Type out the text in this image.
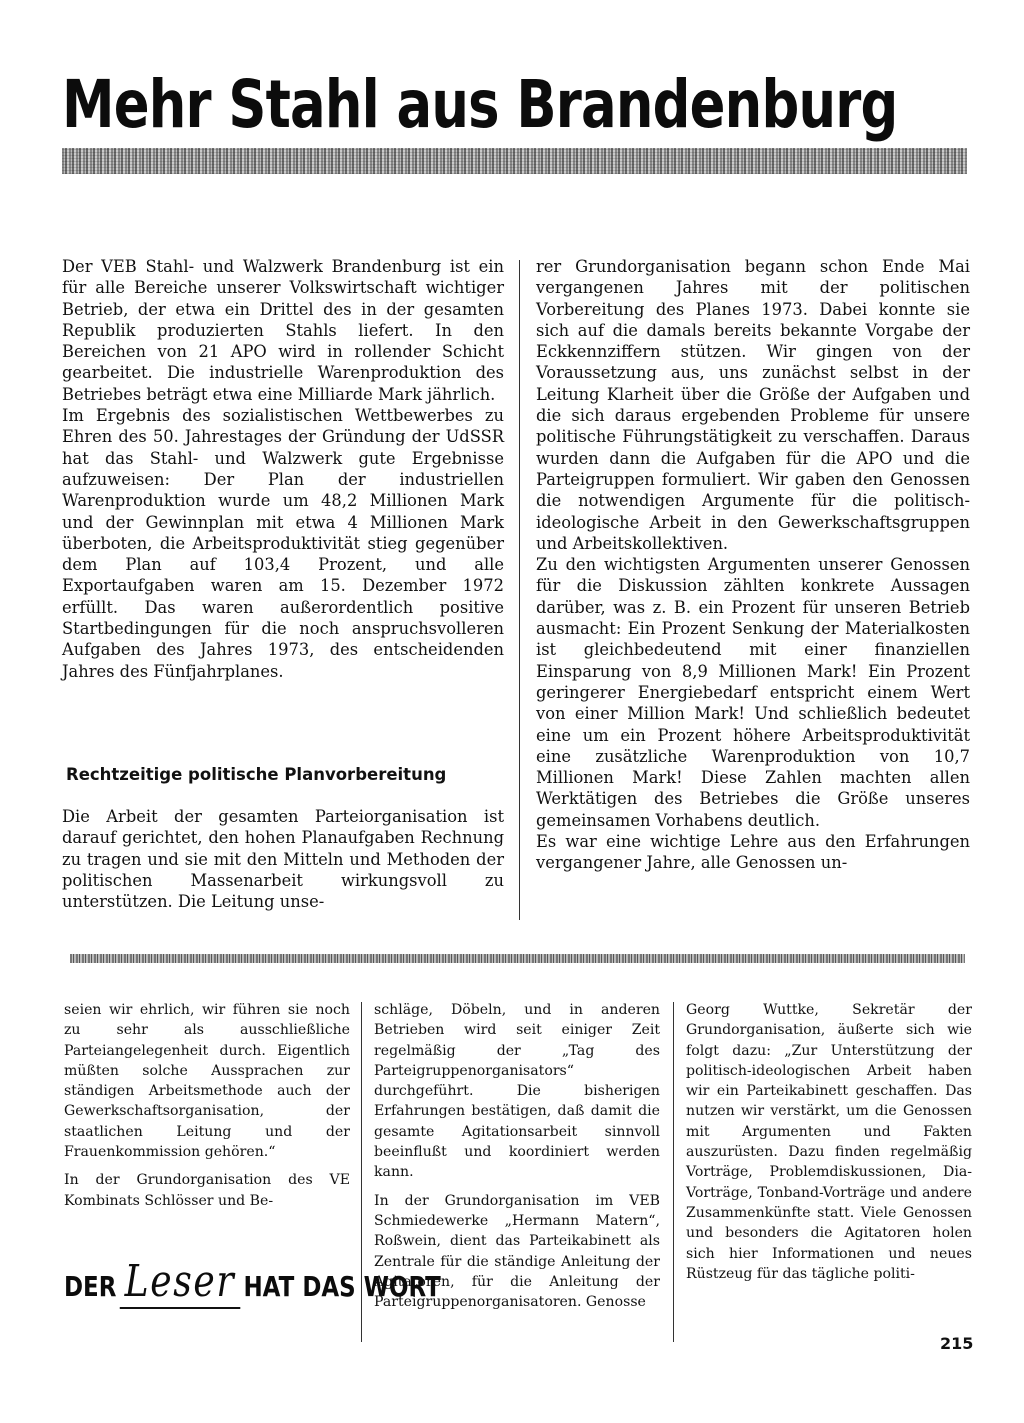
Mehr Stahl aus Brandenburg

Der VEB Stahl- und Walzwerk Brandenburg ist ein für alle Bereiche unserer Volkswirtschaft wichtiger Betrieb, der etwa ein Drittel des in der gesamten Republik produzierten Stahls liefert. In den Bereichen von 21 APO wird in rollender Schicht gearbeitet. Die industrielle Warenproduktion des Betriebes beträgt etwa eine Milliarde Mark jährlich.

Im Ergebnis des sozialistischen Wettbewerbes zu Ehren des 50. Jahrestages der Gründung der UdSSR hat das Stahl- und Walzwerk gute Ergebnisse aufzuweisen: Der Plan der industriellen Warenproduktion wurde um 48,2 Millionen Mark und der Gewinnplan mit etwa 4 Millionen Mark überboten, die Arbeitsproduktivität stieg gegenüber dem Plan auf 103,4 Prozent, und alle Exportaufgaben waren am 15. Dezember 1972 erfüllt. Das waren außerordentlich positive Startbedingungen für die noch anspruchsvolleren Aufgaben des Jahres 1973, des entscheidenden Jahres des Fünfjahrplanes.

Rechtzeitige politische Planvorbereitung

Die Arbeit der gesamten Parteiorganisation ist darauf gerichtet, den hohen Planaufgaben Rechnung zu tragen und sie mit den Mitteln und Methoden der politischen Massenarbeit wirkungsvoll zu unterstützen. Die Leitung unse-

rer Grundorganisation begann schon Ende Mai vergangenen Jahres mit der politischen Vorbereitung des Planes 1973. Dabei konnte sie sich auf die damals bereits bekannte Vorgabe der Eckkennziffern stützen. Wir gingen von der Voraussetzung aus, uns zunächst selbst in der Leitung Klarheit über die Größe der Aufgaben und die sich daraus ergebenden Probleme für unsere politische Führungstätigkeit zu verschaffen. Daraus wurden dann die Aufgaben für die APO und die Parteigruppen formuliert. Wir gaben den Genossen die notwendigen Argumente für die politisch-ideologische Arbeit in den Gewerkschaftsgruppen und Arbeitskollektiven.

Zu den wichtigsten Argumenten unserer Genossen für die Diskussion zählten konkrete Aussagen darüber, was z. B. ein Prozent für unseren Betrieb ausmacht: Ein Prozent Senkung der Materialkosten ist gleichbedeutend mit einer finanziellen Einsparung von 8,9 Millionen Mark! Ein Prozent geringerer Energiebedarf entspricht einem Wert von einer Million Mark! Und schließlich bedeutet eine um ein Prozent höhere Arbeitsproduktivität eine zusätzliche Warenproduktion von 10,7 Millionen Mark! Diese Zahlen machten allen Werktätigen des Betriebes die Größe unseres gemeinsamen Vorhabens deutlich.

Es war eine wichtige Lehre aus den Erfahrungen vergangener Jahre, alle Genossen un-

seien wir ehrlich, wir führen sie noch zu sehr als ausschließliche Parteiangelegenheit durch. Eigentlich müßten solche Aussprachen zur ständigen Arbeitsmethode auch der Gewerkschaftsorganisation, der staatlichen Leitung und der Frauenkommission gehören.“

In der Grundorganisation des VE Kombinats Schlösser und Be-

schläge, Döbeln, und in anderen Betrieben wird seit einiger Zeit regelmäßig der „Tag des Parteigruppenorganisators“ durchgeführt. Die bisherigen Erfahrungen bestätigen, daß damit die gesamte Agitationsarbeit sinnvoll beeinflußt und koordiniert werden kann.

In der Grundorganisation im VEB Schmiedewerke „Hermann Matern“, Roßwein, dient das Parteikabinett als Zentrale für die ständige Anleitung der Agitatoren, für die Anleitung der Parteigruppenorganisatoren. Genosse

Georg Wuttke, Sekretär der Grundorganisation, äußerte sich wie folgt dazu: „Zur Unterstützung der politisch-ideologischen Arbeit haben wir ein Parteikabinett geschaffen. Das nutzen wir verstärkt, um die Genossen mit Argumenten und Fakten auszurüsten. Dazu finden regelmäßig Vorträge, Problemdiskussionen, Dia-Vorträge, Tonband-Vorträge und andere Zusammenkünfte statt. Viele Genossen und besonders die Agitatoren holen sich hier Informationen und neues Rüstzeug für das tägliche politi-

DER Leser HAT DAS WORT
215
